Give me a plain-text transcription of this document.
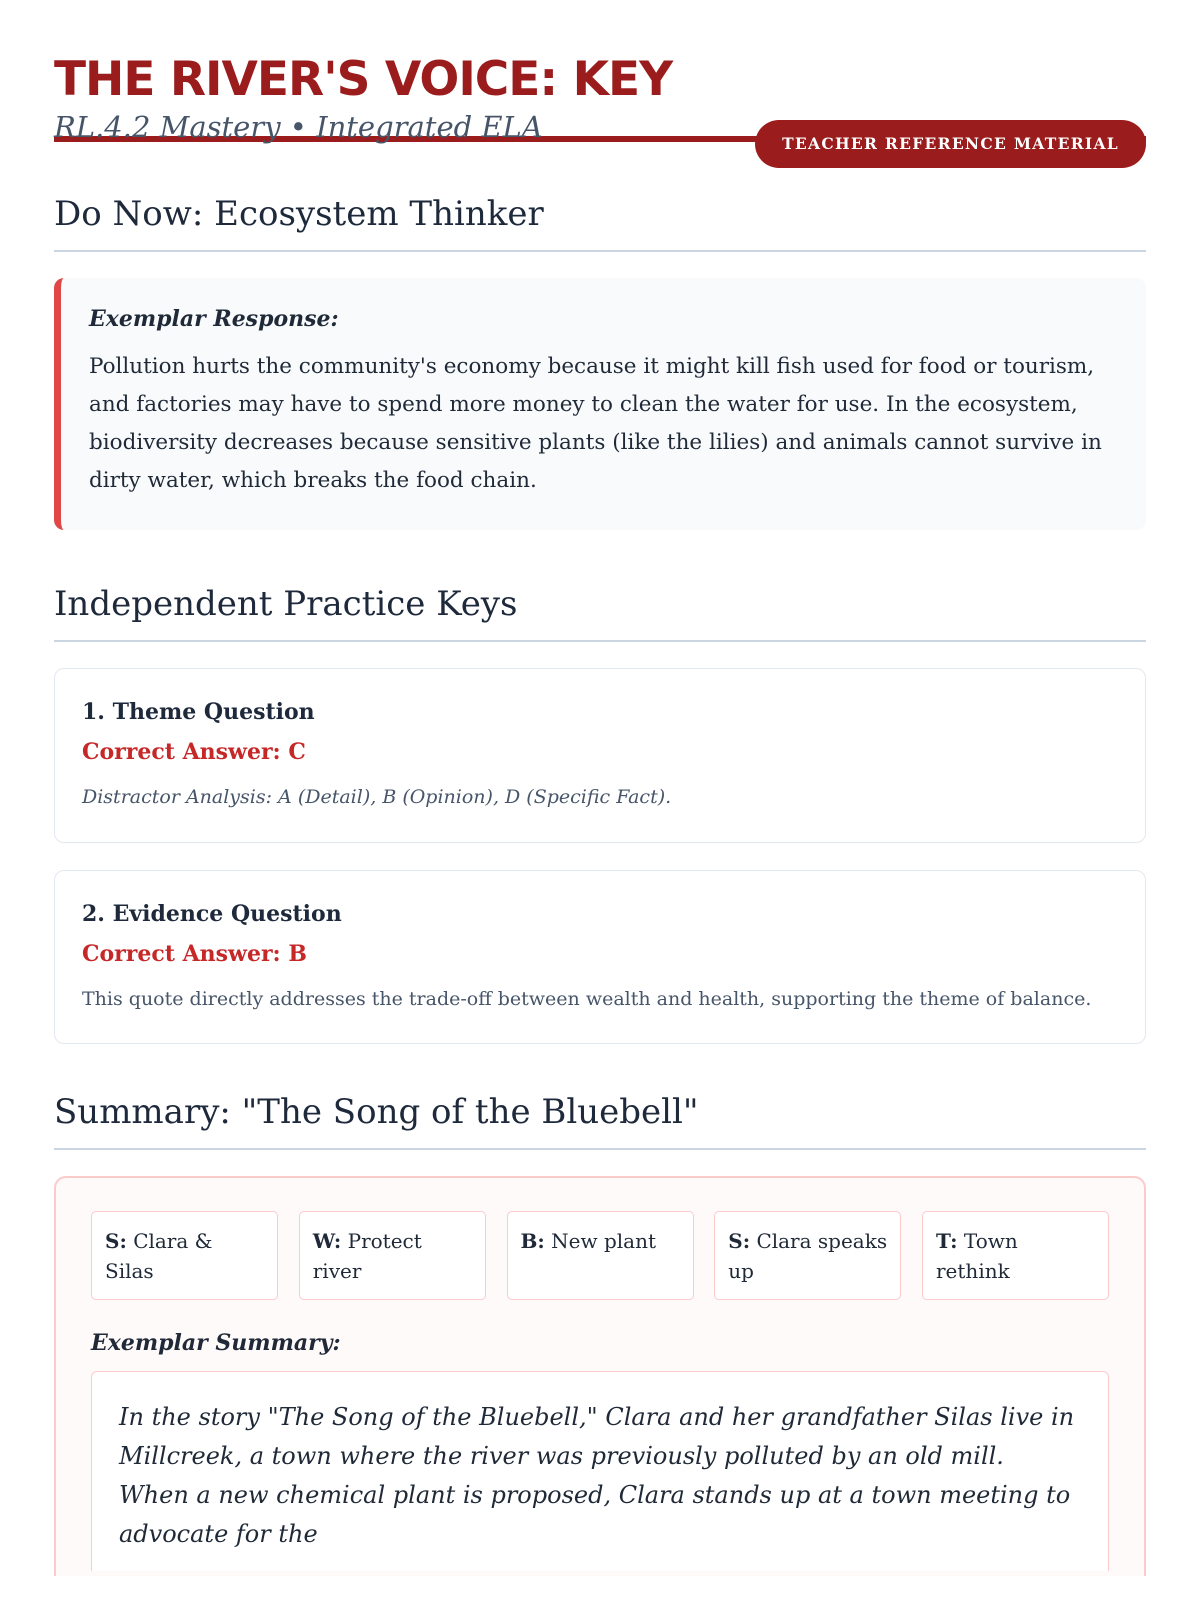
THE RIVER'S VOICE: KEY
RL.4.2 Mastery • Integrated ELA	TEACHER REFERENCE MATERIAL
Do Now: Ecosystem Thinker

Exemplar Response:

Pollution hurts the community's economy because it might kill fish used for food or tourism, and factories may have to spend more money to clean the water for use. In the ecosystem, biodiversity decreases because sensitive plants (like the lilies) and animals cannot survive in dirty water, which breaks the food chain.

Independent Practice Keys

1. Theme Question

Correct Answer: C

Distractor Analysis: A (Detail), B (Opinion), D (Specific Fact).

2. Evidence Question

Correct Answer: B

This quote directly addresses the trade-off between wealth and health, supporting the theme of balance.

Summary: "The Song of the Bluebell"
S: Clara & Silas
W: Protect river
B: New plant	S: Clara speaks up
T: Town rethink

Exemplar Summary:

In the story "The Song of the Bluebell," Clara and her grandfather Silas live in Millcreek, a town where the river was previously polluted by an old mill. When a new chemical plant is proposed, Clara stands up at a town meeting to advocate for the
